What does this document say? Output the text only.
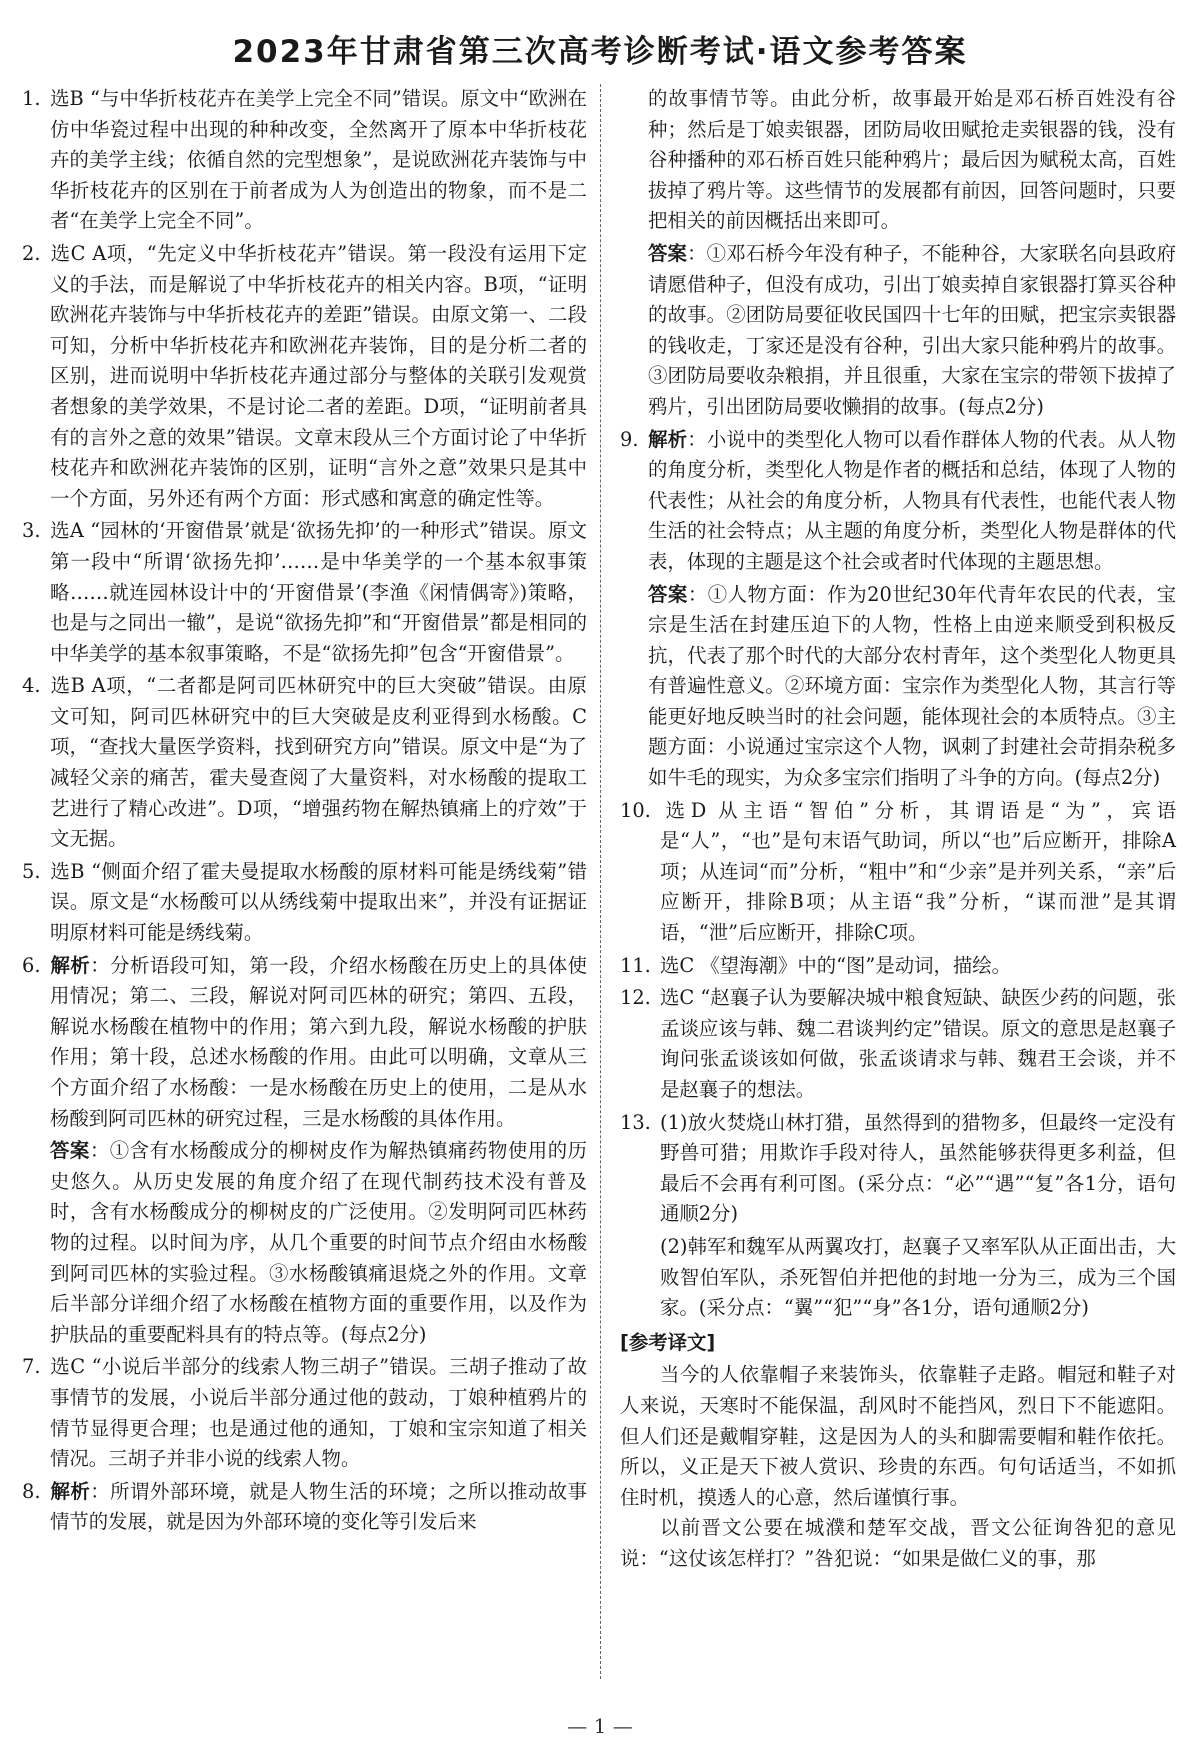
2023年甘肃省第三次高考诊断考试·语文参考答案

1. 选B “与中华折枝花卉在美学上完全不同”错误。原文中“欧洲在仿中华瓷过程中出现的种种改变，全然离开了原本中华折枝花卉的美学主线；依循自然的完型想象”，是说欧洲花卉装饰与中华折枝花卉的区别在于前者成为人为创造出的物象，而不是二者“在美学上完全不同”。

2. 选C A项，“先定义中华折枝花卉”错误。第一段没有运用下定义的手法，而是解说了中华折枝花卉的相关内容。B项，“证明欧洲花卉装饰与中华折枝花卉的差距”错误。由原文第一、二段可知，分析中华折枝花卉和欧洲花卉装饰，目的是分析二者的区别，进而说明中华折枝花卉通过部分与整体的关联引发观赏者想象的美学效果，不是讨论二者的差距。D项，“证明前者具有的言外之意的效果”错误。文章末段从三个方面讨论了中华折枝花卉和欧洲花卉装饰的区别，证明“言外之意”效果只是其中一个方面，另外还有两个方面：形式感和寓意的确定性等。

3. 选A “园林的‘开窗借景’就是‘欲扬先抑’的一种形式”错误。原文第一段中“所谓‘欲扬先抑’……是中华美学的一个基本叙事策略……就连园林设计中的‘开窗借景’(李渔《闲情偶寄》)策略，也是与之同出一辙”，是说“欲扬先抑”和“开窗借景”都是相同的中华美学的基本叙事策略，不是“欲扬先抑”包含“开窗借景”。

4. 选B A项，“二者都是阿司匹林研究中的巨大突破”错误。由原文可知，阿司匹林研究中的巨大突破是皮利亚得到水杨酸。C项，“查找大量医学资料，找到研究方向”错误。原文中是“为了减轻父亲的痛苦，霍夫曼查阅了大量资料，对水杨酸的提取工艺进行了精心改进”。D项，“增强药物在解热镇痛上的疗效”于文无据。

5. 选B “侧面介绍了霍夫曼提取水杨酸的原材料可能是绣线菊”错误。原文是“水杨酸可以从绣线菊中提取出来”，并没有证据证明原材料可能是绣线菊。

6. 解析：分析语段可知，第一段，介绍水杨酸在历史上的具体使用情况；第二、三段，解说对阿司匹林的研究；第四、五段，解说水杨酸在植物中的作用；第六到九段，解说水杨酸的护肤作用；第十段，总述水杨酸的作用。由此可以明确，文章从三个方面介绍了水杨酸：一是水杨酸在历史上的使用，二是从水杨酸到阿司匹林的研究过程，三是水杨酸的具体作用。

答案：①含有水杨酸成分的柳树皮作为解热镇痛药物使用的历史悠久。从历史发展的角度介绍了在现代制药技术没有普及时，含有水杨酸成分的柳树皮的广泛使用。②发明阿司匹林药物的过程。以时间为序，从几个重要的时间节点介绍由水杨酸到阿司匹林的实验过程。③水杨酸镇痛退烧之外的作用。文章后半部分详细介绍了水杨酸在植物方面的重要作用，以及作为护肤品的重要配料具有的特点等。(每点2分)

7. 选C “小说后半部分的线索人物三胡子”错误。三胡子推动了故事情节的发展，小说后半部分通过他的鼓动，丁娘种植鸦片的情节显得更合理；也是通过他的通知，丁娘和宝宗知道了相关情况。三胡子并非小说的线索人物。

8. 解析：所谓外部环境，就是人物生活的环境；之所以推动故事情节的发展，就是因为外部环境的变化等引发后来

的故事情节等。由此分析，故事最开始是邓石桥百姓没有谷种；然后是丁娘卖银器，团防局收田赋抢走卖银器的钱，没有谷种播种的邓石桥百姓只能种鸦片；最后因为赋税太高，百姓拔掉了鸦片等。这些情节的发展都有前因，回答问题时，只要把相关的前因概括出来即可。

答案：①邓石桥今年没有种子，不能种谷，大家联名向县政府请愿借种子，但没有成功，引出丁娘卖掉自家银器打算买谷种的故事。②团防局要征收民国四十七年的田赋，把宝宗卖银器的钱收走，丁家还是没有谷种，引出大家只能种鸦片的故事。③团防局要收杂粮捐，并且很重，大家在宝宗的带领下拔掉了鸦片，引出团防局要收懒捐的故事。(每点2分)

9. 解析：小说中的类型化人物可以看作群体人物的代表。从人物的角度分析，类型化人物是作者的概括和总结，体现了人物的代表性；从社会的角度分析，人物具有代表性，也能代表人物生活的社会特点；从主题的角度分析，类型化人物是群体的代表，体现的主题是这个社会或者时代体现的主题思想。

答案：①人物方面：作为20世纪30年代青年农民的代表，宝宗是生活在封建压迫下的人物，性格上由逆来顺受到积极反抗，代表了那个时代的大部分农村青年，这个类型化人物更具有普遍性意义。②环境方面：宝宗作为类型化人物，其言行等能更好地反映当时的社会问题，能体现社会的本质特点。③主题方面：小说通过宝宗这个人物，讽刺了封建社会苛捐杂税多如牛毛的现实，为众多宝宗们指明了斗争的方向。(每点2分)

10. 选D 从主语“智伯”分析，其谓语是“为”，宾语是“人”，“也”是句末语气助词，所以“也”后应断开，排除A项；从连词“而”分析，“粗中”和“少亲”是并列关系，“亲”后应断开，排除B项；从主语“我”分析，“谋而泄”是其谓语，“泄”后应断开，排除C项。

11. 选C 《望海潮》中的“图”是动词，描绘。

12. 选C “赵襄子认为要解决城中粮食短缺、缺医少药的问题，张孟谈应该与韩、魏二君谈判约定”错误。原文的意思是赵襄子询问张孟谈该如何做，张孟谈请求与韩、魏君王会谈，并不是赵襄子的想法。

13. (1)放火焚烧山林打猎，虽然得到的猎物多，但最终一定没有野兽可猎；用欺诈手段对待人，虽然能够获得更多利益，但最后不会再有利可图。(采分点：“必”“遇”“复”各1分，语句通顺2分)

(2)韩军和魏军从两翼攻打，赵襄子又率军队从正面出击，大败智伯军队，杀死智伯并把他的封地一分为三，成为三个国家。(采分点：“翼”“犯”“身”各1分，语句通顺2分)

[参考译文]

当今的人依靠帽子来装饰头，依靠鞋子走路。帽冠和鞋子对人来说，天寒时不能保温，刮风时不能挡风，烈日下不能遮阳。但人们还是戴帽穿鞋，这是因为人的头和脚需要帽和鞋作依托。所以，义正是天下被人赏识、珍贵的东西。句句话适当，不如抓住时机，摸透人的心意，然后谨慎行事。

以前晋文公要在城濮和楚军交战，晋文公征询咎犯的意见说：“这仗该怎样打？”咎犯说：“如果是做仁义的事，那

— 1 —
